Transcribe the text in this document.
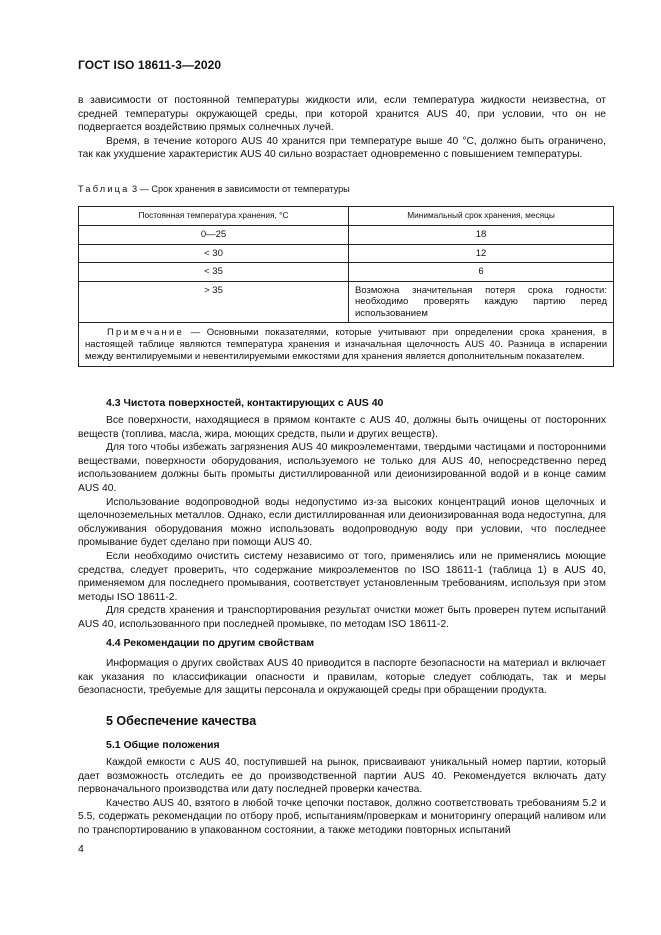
ГОСТ ISO 18611-3—2020

в зависимости от постоянной температуры жидкости или, если температура жидкости неизвестна, от средней температуры окружающей среды, при которой хранится AUS 40, при условии, что он не подвергается воздействию прямых солнечных лучей.

Время, в течение которого AUS 40 хранится при температуре выше 40 °С, должно быть ограничено, так как ухудшение характеристик AUS 40 сильно возрастает одновременно с повышением температуры.

Таблица 3 — Срок хранения в зависимости от температуры
Постоянная температура хранения, °С	Минимальный срок хранения, месяцы
0—25	18
< 30	12
< 35	6
> 35	Возможна значительная потеря срока годности: необходимо проверять каждую партию перед использованием
Примечание — Основными показателями, которые учитывают при определении срока хранения, в настоящей таблице являются температура хранения и изначальная щелочность AUS 40. Разница в испарении между вентилируемыми и невентилируемыми емкостями для хранения является дополнительным показателем.	
4.3 Чистота поверхностей, контактирующих с AUS 40

Все поверхности, находящиеся в прямом контакте с AUS 40, должны быть очищены от посторонних веществ (топлива, масла, жира, моющих средств, пыли и других веществ).

Для того чтобы избежать загрязнения AUS 40 микроэлементами, твердыми частицами и посторонними веществами, поверхности оборудования, используемого не только для AUS 40, непосредственно перед использованием должны быть промыты дистиллированной или деионизированной водой и в конце самим AUS 40.

Использование водопроводной воды недопустимо из-за высоких концентраций ионов щелочных и щелочноземельных металлов. Однако, если дистиллированная или деионизированная вода недоступна, для обслуживания оборудования можно использовать водопроводную воду при условии, что последнее промывание будет сделано при помощи AUS 40.

Если необходимо очистить систему независимо от того, применялись или не применялись моющие средства, следует проверить, что содержание микроэлементов по ISO 18611-1 (таблица 1) в AUS 40, применяемом для последнего промывания, соответствует установленным требованиям, используя при этом методы ISO 18611-2.

Для средств хранения и транспортирования результат очистки может быть проверен путем испытаний AUS 40, использованного при последней промывке, по методам ISO 18611-2.

4.4 Рекомендации по другим свойствам

Информация о других свойствах AUS 40 приводится в паспорте безопасности на материал и включает как указания по классификации опасности и правилам, которые следует соблюдать, так и меры безопасности, требуемые для защиты персонала и окружающей среды при обращении продукта.

5 Обеспечение качества
5.1 Общие положения

Каждой емкости с AUS 40, поступившей на рынок, присваивают уникальный номер партии, который дает возможность отследить ее до производственной партии AUS 40. Рекомендуется включать дату первоначального производства или дату последней проверки качества.

Качество AUS 40, взятого в любой точке цепочки поставок, должно соответствовать требованиям 5.2 и 5.5, содержать рекомендации по отбору проб, испытаниям/проверкам и мониторингу операций наливом или по транспортированию в упакованном состоянии, а также методики повторных испытаний

4
